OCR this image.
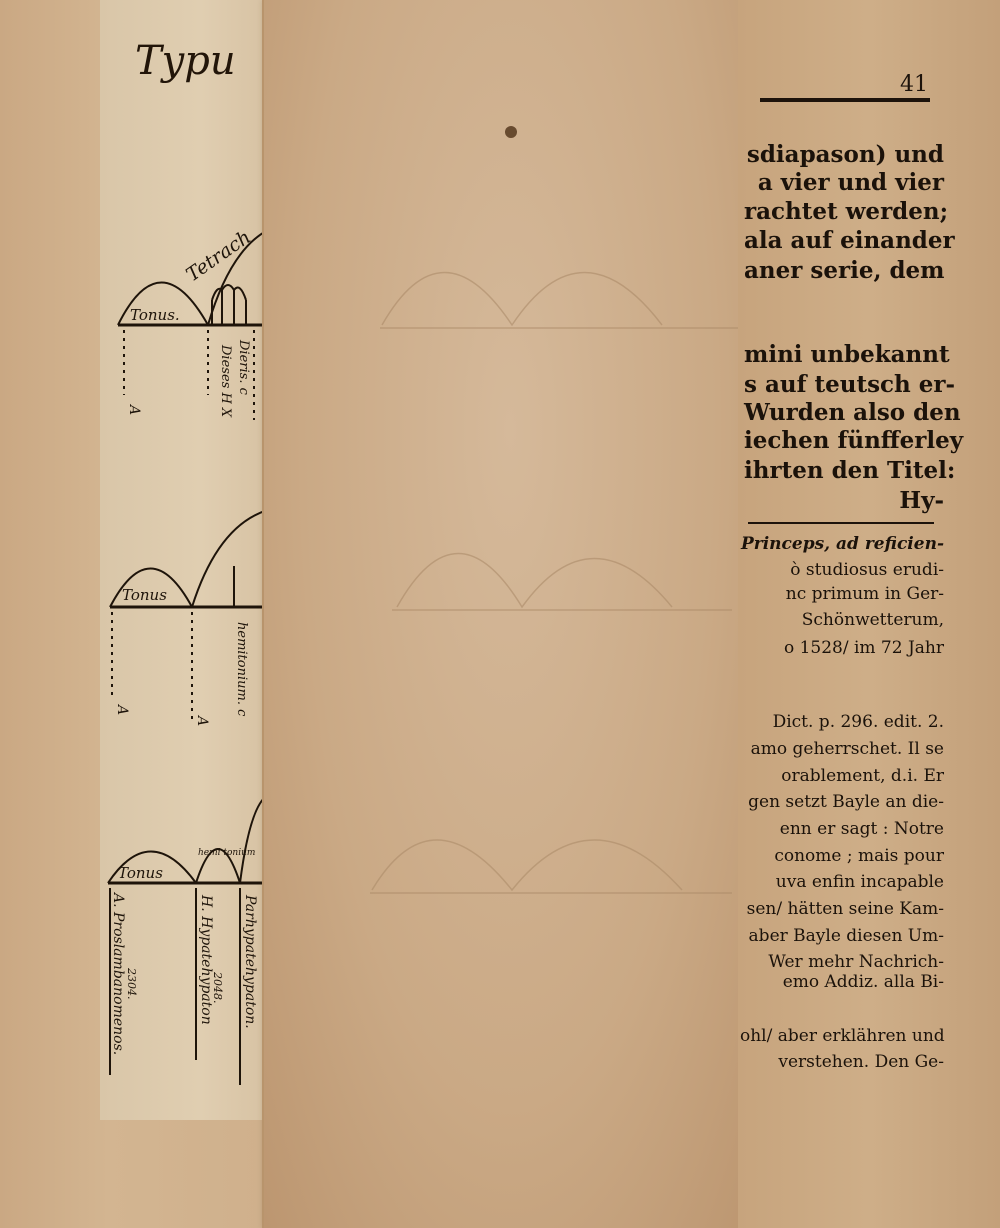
Typu
Tetrach
Tonus.
Tonus
Tonus
hemi tonium
Dieses H X Dieris. c
hemitonium. c
A
A
A
Parhypatehypaton.
H. Hypatehypaton
A. Proslambanomenos.	2048.
2304.
41
sdiapason) und
a vier und vier
rachtet werden;
ala auf einander
aner serie, dem
mini unbekannt
s auf teutsch er-
Wurden also den
iechen fünfferley
ihrten den Titel:
Hy-
Princeps, ad reficien-
ò studiosus erudi-
nc primum in Ger-
Schönwetterum,
o 1528/ im 72 Jahr
Dict. p. 296. edit. 2.
amo geherrschet. Il se
orablement, d.i. Er
gen setzt Bayle an die-
enn er sagt : Notre
conome ; mais pour
uva enfin incapable
sen/ hätten seine Kam-
aber Bayle diesen Um-
Wer mehr Nachrich-
emo Addiz. alla Bi-
ohl/ aber erklähren und
verstehen. Den Ge-
